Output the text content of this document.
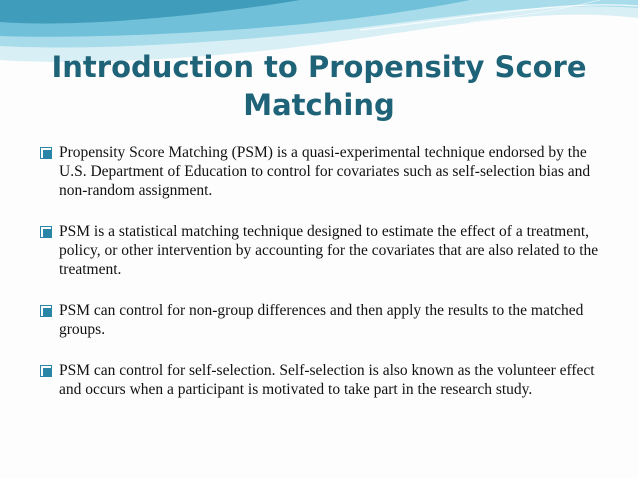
Introduction to Propensity Score Matching
Propensity Score Matching (PSM) is a quasi-experimental technique endorsed by the U.S. Department of Education to control for covariates such as self-selection bias and non-random assignment.
PSM is a statistical matching technique designed to estimate the effect of a treatment, policy, or other intervention by accounting for the covariates that are also related to the treatment.
PSM can control for non-group differences and then apply the results to the matched groups.
PSM can control for self-selection. Self-selection is also known as the volunteer effect and occurs when a participant is motivated to take part in the research study.
